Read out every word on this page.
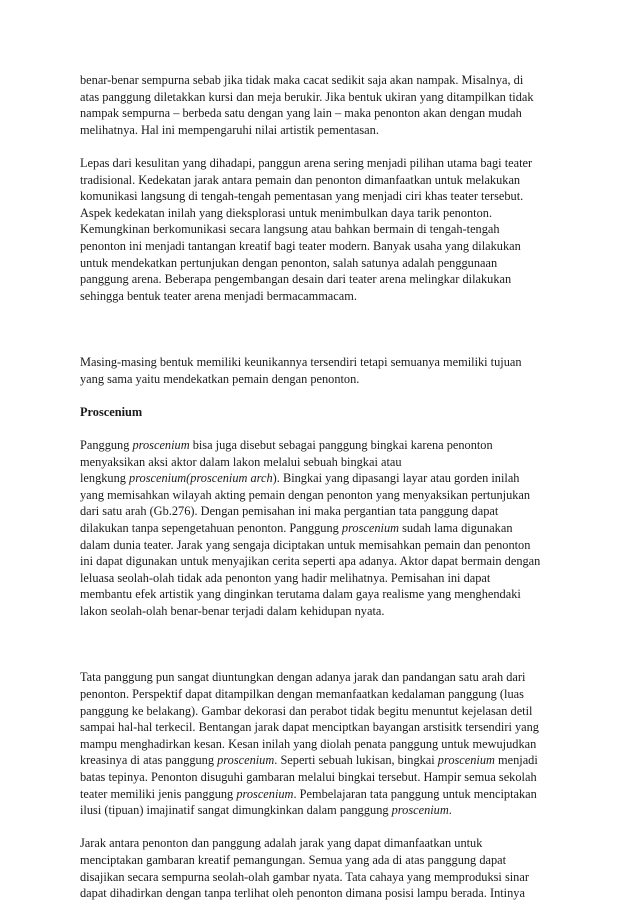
benar-benar sempurna sebab jika tidak maka cacat sedikit saja akan nampak. Misalnya, di
atas panggung diletakkan kursi dan meja berukir. Jika bentuk ukiran yang ditampilkan tidak
nampak sempurna – berbeda satu dengan yang lain – maka penonton akan dengan mudah
melihatnya. Hal ini mempengaruhi nilai artistik pementasan.

Lepas dari kesulitan yang dihadapi, panggun arena sering menjadi pilihan utama bagi teater
tradisional. Kedekatan jarak antara pemain dan penonton dimanfaatkan untuk melakukan
komunikasi langsung di tengah-tengah pementasan yang menjadi ciri khas teater tersebut.
Aspek kedekatan inilah yang dieksplorasi untuk menimbulkan daya tarik penonton.
Kemungkinan berkomunikasi secara langsung atau bahkan bermain di tengah-tengah
penonton ini menjadi tantangan kreatif bagi teater modern. Banyak usaha yang dilakukan
untuk mendekatkan pertunjukan dengan penonton, salah satunya adalah penggunaan
panggung arena. Beberapa pengembangan desain dari teater arena melingkar dilakukan
sehingga bentuk teater arena menjadi bermacammacam.

Masing-masing bentuk memiliki keunikannya tersendiri tetapi semuanya memiliki tujuan
yang sama yaitu mendekatkan pemain dengan penonton.

Proscenium

Panggung proscenium bisa juga disebut sebagai panggung bingkai karena penonton
menyaksikan aksi aktor dalam lakon melalui sebuah bingkai atau
lengkung proscenium(proscenium arch). Bingkai yang dipasangi layar atau gorden inilah
yang memisahkan wilayah akting pemain dengan penonton yang menyaksikan pertunjukan
dari satu arah (Gb.276). Dengan pemisahan ini maka pergantian tata panggung dapat
dilakukan tanpa sepengetahuan penonton. Panggung proscenium sudah lama digunakan
dalam dunia teater. Jarak yang sengaja diciptakan untuk memisahkan pemain dan penonton
ini dapat digunakan untuk menyajikan cerita seperti apa adanya. Aktor dapat bermain dengan
leluasa seolah-olah tidak ada penonton yang hadir melihatnya. Pemisahan ini dapat
membantu efek artistik yang dinginkan terutama dalam gaya realisme yang menghendaki
lakon seolah-olah benar-benar terjadi dalam kehidupan nyata.

Tata panggung pun sangat diuntungkan dengan adanya jarak dan pandangan satu arah dari
penonton. Perspektif dapat ditampilkan dengan memanfaatkan kedalaman panggung (luas
panggung ke belakang). Gambar dekorasi dan perabot tidak begitu menuntut kejelasan detil
sampai hal-hal terkecil. Bentangan jarak dapat menciptkan bayangan arstisitk tersendiri yang
mampu menghadirkan kesan. Kesan inilah yang diolah penata panggung untuk mewujudkan
kreasinya di atas panggung proscenium. Seperti sebuah lukisan, bingkai proscenium menjadi
batas tepinya. Penonton disuguhi gambaran melalui bingkai tersebut. Hampir semua sekolah
teater memiliki jenis panggung proscenium. Pembelajaran tata panggung untuk menciptakan
ilusi (tipuan) imajinatif sangat dimungkinkan dalam panggung proscenium.

Jarak antara penonton dan panggung adalah jarak yang dapat dimanfaatkan untuk
menciptakan gambaran kreatif pemangungan. Semua yang ada di atas panggung dapat
disajikan secara sempurna seolah-olah gambar nyata. Tata cahaya yang memproduksi sinar
dapat dihadirkan dengan tanpa terlihat oleh penonton dimana posisi lampu berada. Intinya
